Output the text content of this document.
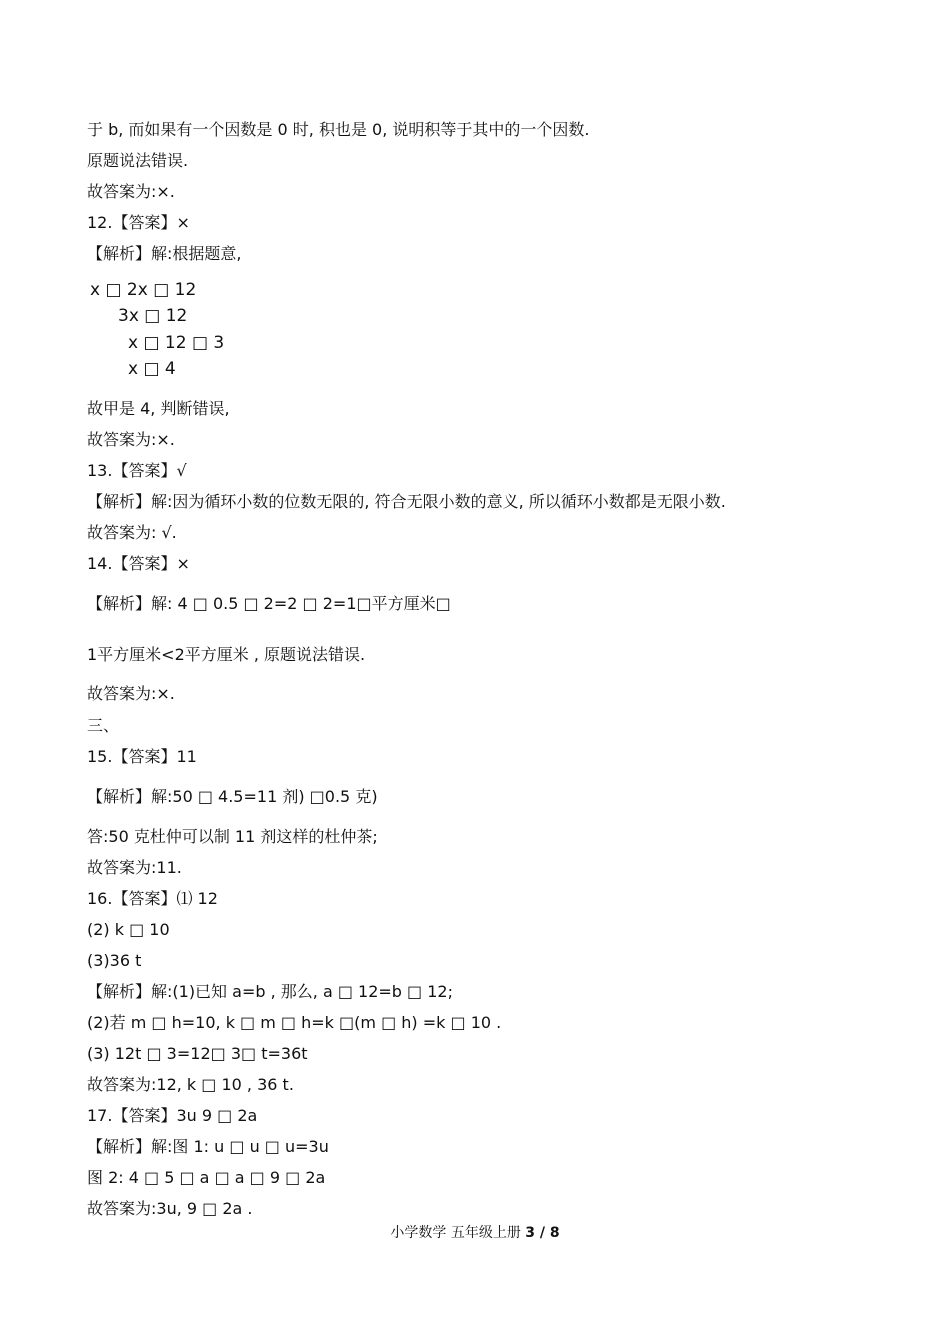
于 b, 而如果有一个因数是 0 时, 积也是 0, 说明积等于其中的一个因数.
原题说法错误.
故答案为:×.
12.【答案】×
【解析】解:根据题意,
x □ 2x □ 12
3x □ 12
x □ 12 □ 3
x □ 4
故甲是 4, 判断错误,
故答案为:×.
13.【答案】√
【解析】解:因为循环小数的位数无限的, 符合无限小数的意义, 所以循环小数都是无限小数.
故答案为: √.
14.【答案】×
【解析】解: 4 □ 0.5 □ 2=2 □ 2=1□平方厘米□
1平方厘米<2平方厘米 , 原题说法错误.
故答案为:×.
三、
15.【答案】11
【解析】解:50 □ 4.5=11 剂) □0.5 克)
答:50 克杜仲可以制 11 剂这样的杜仲茶;
故答案为:11.
16.【答案】⑴ 12
(2) k □ 10
(3)36 t
【解析】解:(1)已知 a=b , 那么, a □ 12=b □ 12;
(2)若 m □ h=10, k □ m □ h=k □(m □ h) =k □ 10 .
(3) 12t □ 3=12□ 3□ t=36t
故答案为:12, k □ 10 , 36 t.
17.【答案】3u 9 □ 2a
【解析】解:图 1: u □ u □ u=3u
图 2: 4 □ 5 □ a □ a □ 9 □ 2a
故答案为:3u, 9 □ 2a .
小学数学 五年级上册 3 / 8
